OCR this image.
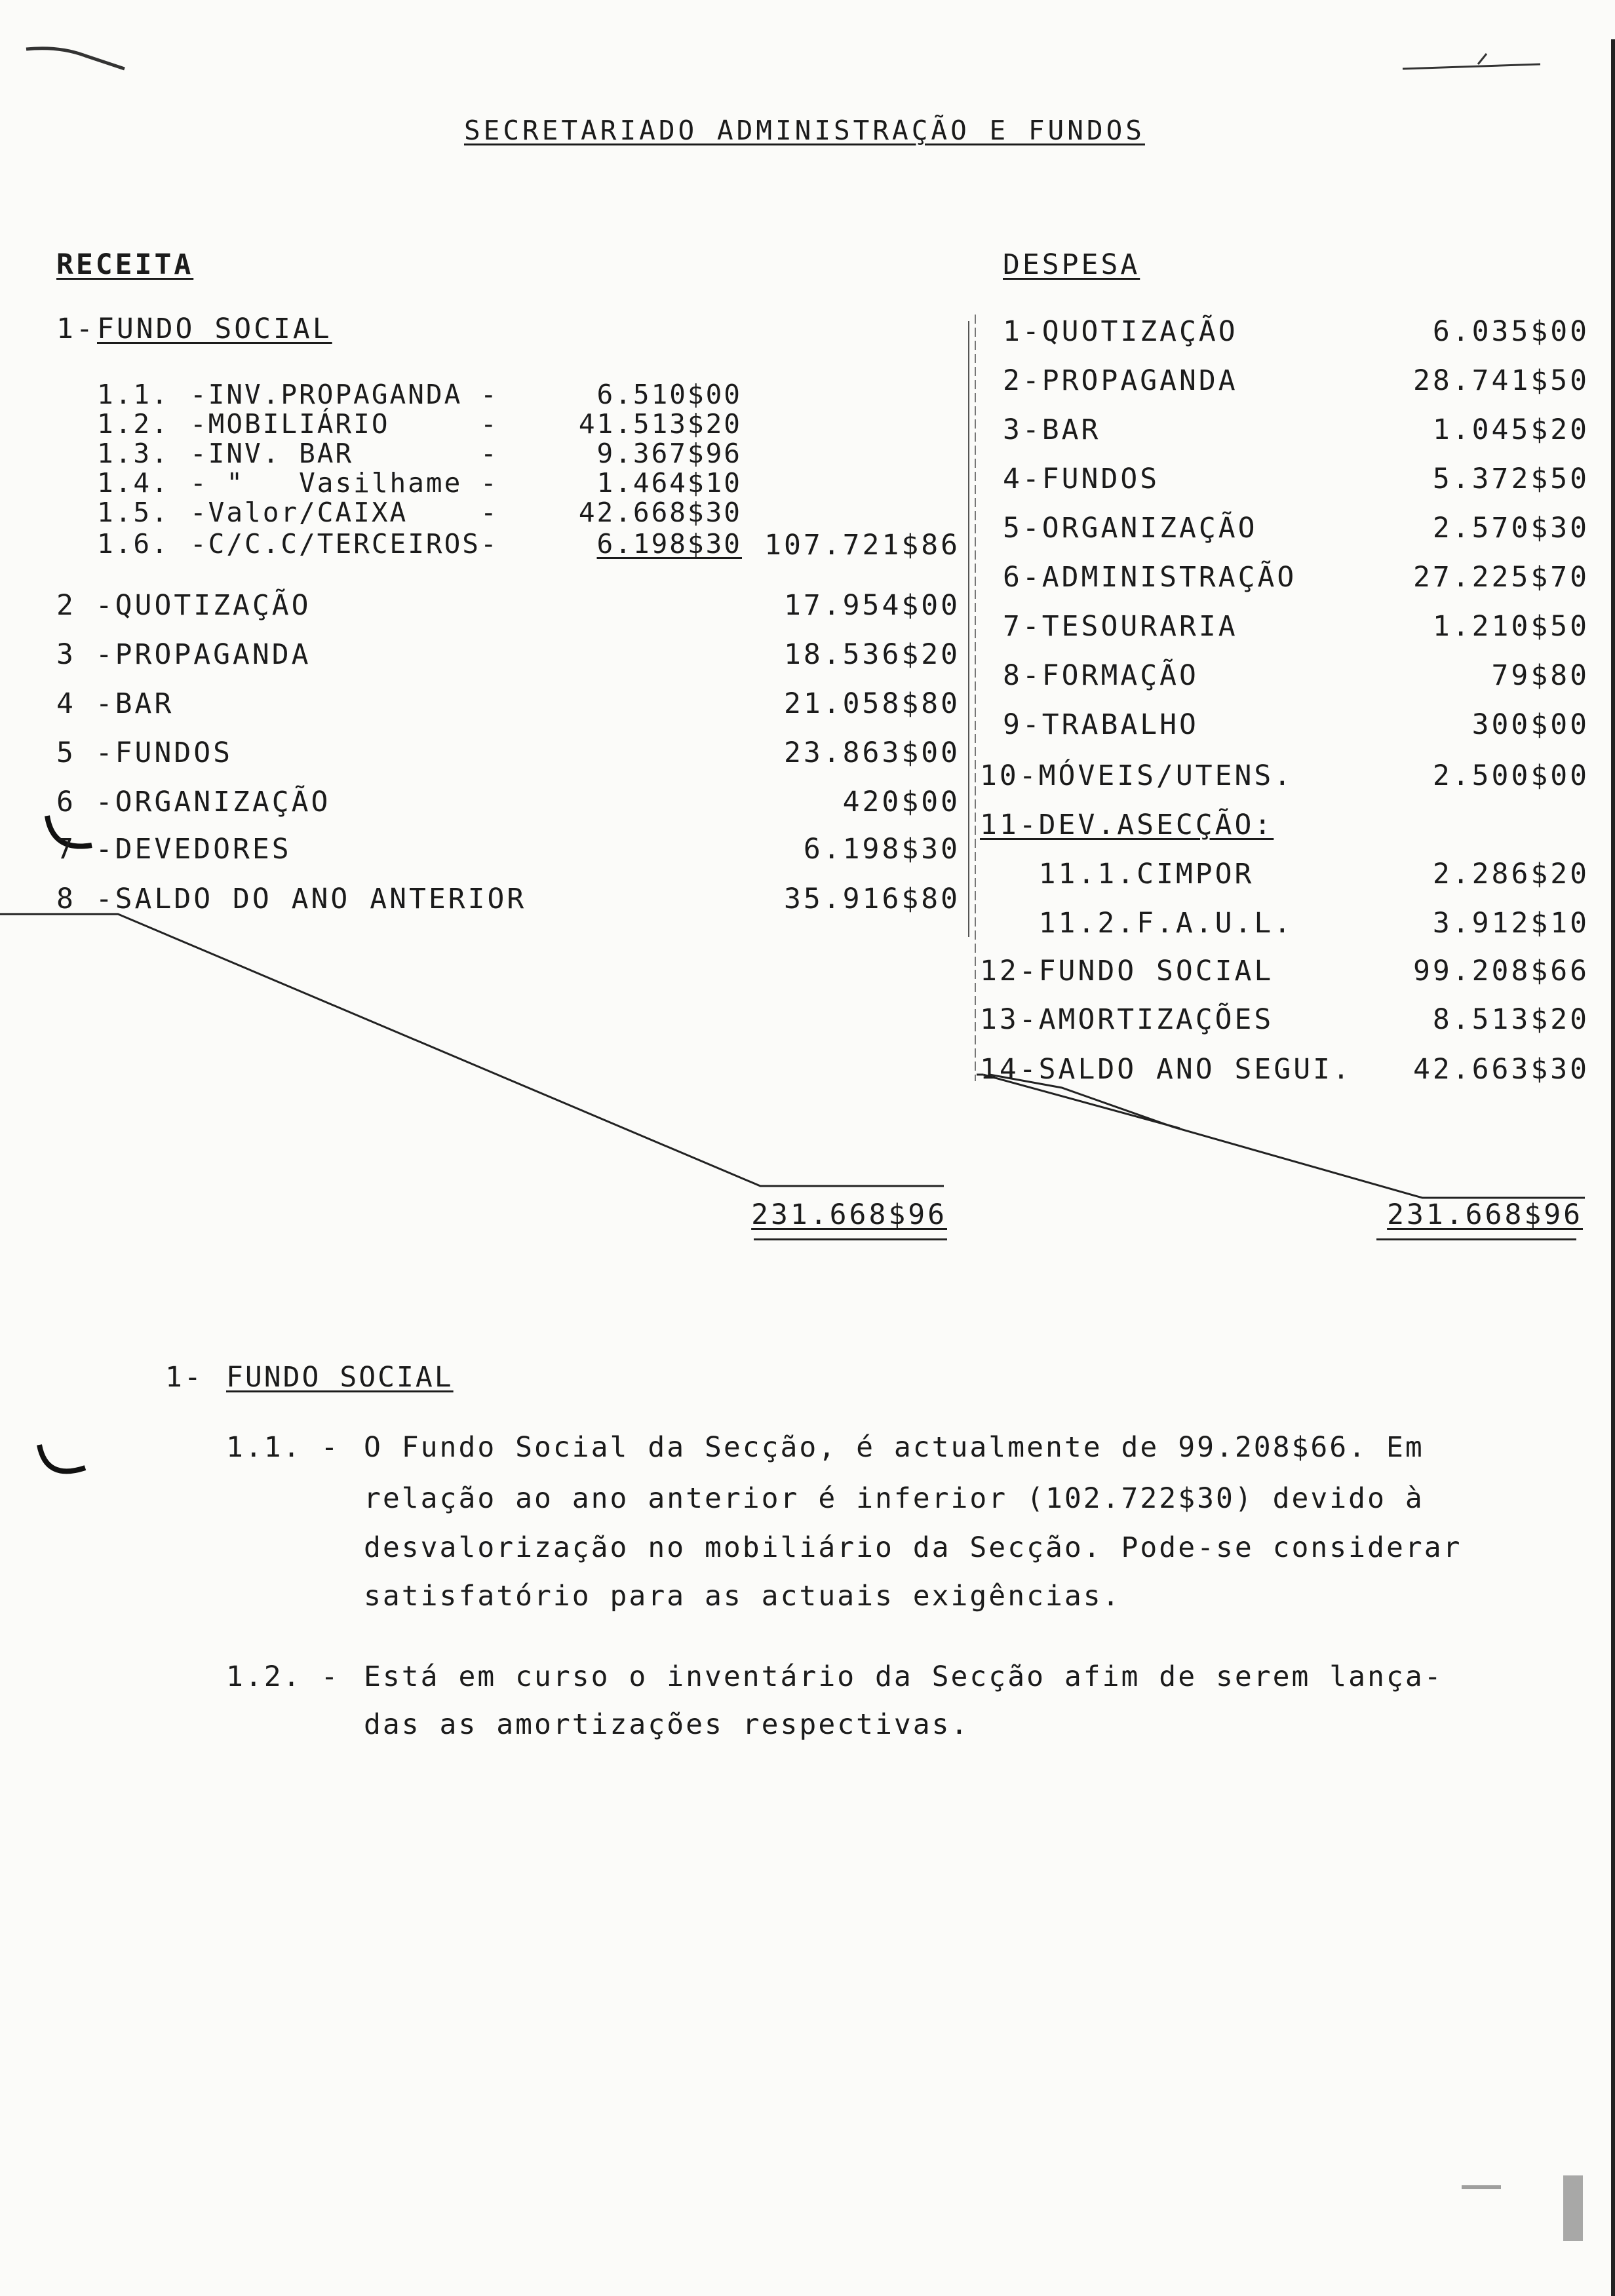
SECRETARIADO ADMINISTRAÇÃO E FUNDOS
RECEITA
1- FUNDO SOCIAL
1.1. -INV.PROPAGANDA -	6.510$00
1.2. -MOBILIÁRIO     -	41.513$20
1.3. -INV. BAR       -	9.367$96
1.4. - "   Vasilhame -	1.464$10
1.5. -Valor/CAIXA    -	42.668$30
1.6. -C/C.C/TERCEIROS-	6.198$30 107.721$86
2 -QUOTIZAÇÃO	17.954$00
3 -PROPAGANDA	18.536$20
4 -BAR	21.058$80
5 -FUNDOS	23.863$00
6 -ORGANIZAÇÃO	420$00
7 -DEVEDORES	6.198$30
8 -SALDO DO ANO ANTERIOR	35.916$80
231.668$96
DESPESA
1-QUOTIZAÇÃO	6.035$00
2-PROPAGANDA	28.741$50
3-BAR	1.045$20
4-FUNDOS	5.372$50
5-ORGANIZAÇÃO	2.570$30
6-ADMINISTRAÇÃO	27.225$70
7-TESOURARIA	1.210$50
8-FORMAÇÃO	79$80
9-TRABALHO	300$00
10-MÓVEIS/UTENS.	2.500$00
11-DEV.ASECÇÃO:
11.1.CIMPOR	2.286$20
11.2.F.A.U.L.	3.912$10
12-FUNDO SOCIAL	99.208$66
13-AMORTIZAÇÕES	8.513$20
14-SALDO ANO SEGUI.	42.663$30
231.668$96
1- FUNDO SOCIAL
1.1. - O Fundo Social da Secção, é actualmente de 99.208$66. Em
relação ao ano anterior é inferior (102.722$30) devido à
desvalorização no mobiliário da Secção. Pode-se considerar
satisfatório para as actuais exigências.
1.2. - Está em curso o inventário da Secção afim de serem lança-
das as amortizações respectivas.
